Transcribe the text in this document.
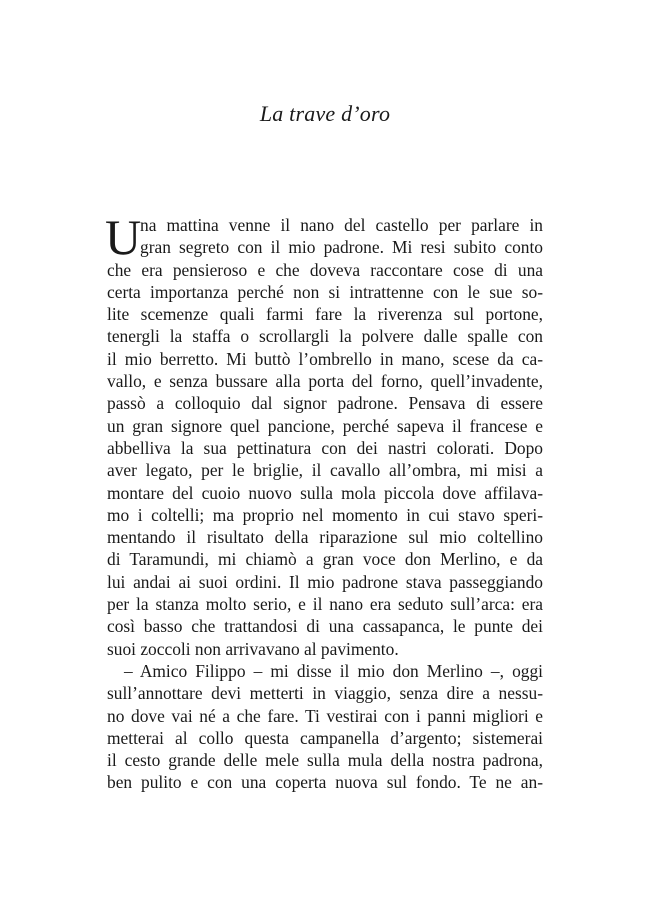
La trave d’oro
U
na mattina venne il nano del castello per parlare in
gran segreto con il mio padrone. Mi resi subito conto
che era pensieroso e che doveva raccontare cose di una
certa importanza perché non si intrattenne con le sue so-
lite scemenze quali farmi fare la riverenza sul portone,
tenergli la staffa o scrollargli la polvere dalle spalle con
il mio berretto. Mi buttò l’ombrello in mano, scese da ca-
vallo, e senza bussare alla porta del forno, quell’invadente,
passò a colloquio dal signor padrone. Pensava di essere
un gran signore quel pancione, perché sapeva il francese e
abbelliva la sua pettinatura con dei nastri colorati. Dopo
aver legato, per le briglie, il cavallo all’ombra, mi misi a
montare del cuoio nuovo sulla mola piccola dove affilava-
mo i coltelli; ma proprio nel momento in cui stavo speri-
mentando il risultato della riparazione sul mio coltellino
di Taramundi, mi chiamò a gran voce don Merlino, e da
lui andai ai suoi ordini. Il mio padrone stava passeggiando
per la stanza molto serio, e il nano era seduto sull’arca: era
così basso che trattandosi di una cassapanca, le punte dei
suoi zoccoli non arrivavano al pavimento.
– Amico Filippo – mi disse il mio don Merlino –, oggi
sull’annottare devi metterti in viaggio, senza dire a nessu-
no dove vai né a che fare. Ti vestirai con i panni migliori e
metterai al collo questa campanella d’argento; sistemerai
il cesto grande delle mele sulla mula della nostra padrona,
ben pulito e con una coperta nuova sul fondo. Te ne an-
